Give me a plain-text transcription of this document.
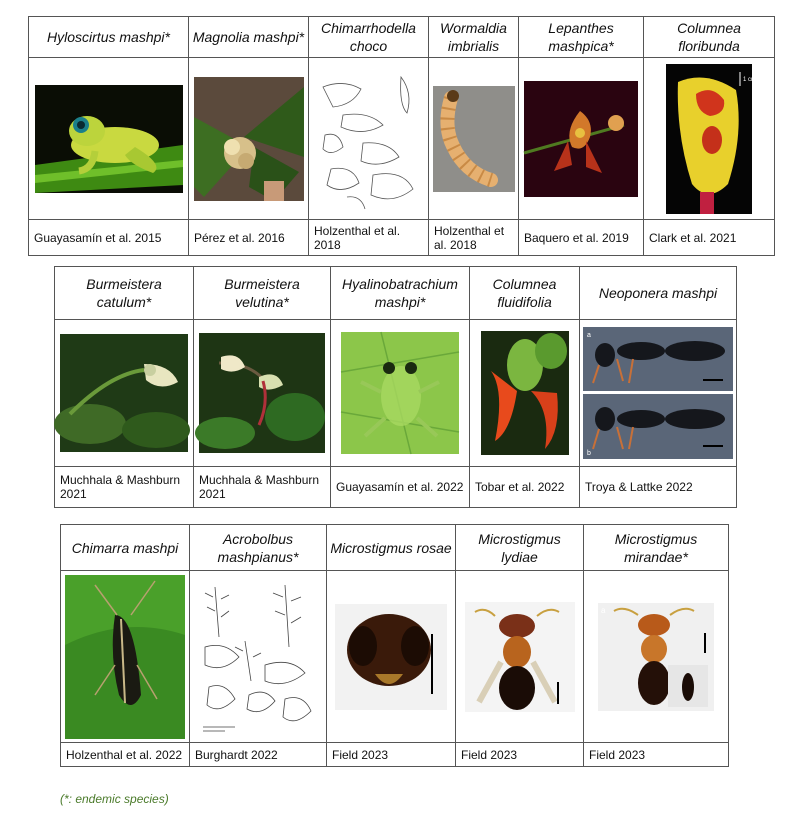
Hyloscirtus mashpi*	Magnolia mashpi*	Chimarrhodella choco	Wormaldia imbrialis	Lepanthes mashpica*	Columnea floribunda

1 cm

Guayasamín et al. 2015	Pérez et al. 2016	Holzenthal et al. 2018	Holzenthal et al. 2018	Baquero et al. 2019	Clark et al. 2021
Burmeistera catulum*	Burmeistera velutina*	Hyalinobatrachium mashpi*	Columnea fluidifolia	Neoponera mashpi

a
b

Muchhala & Mashburn 2021	Muchhala & Mashburn 2021	Guayasamín et al. 2022	Tobar et al. 2022	Troya & Lattke 2022
Chimarra mashpi	Acrobolbus mashpianus*	Microstigmus rosae	Microstigmus lydiae	Microstigmus mirandae*

a

Holzenthal et al. 2022	Burghardt 2022	Field 2023	Field 2023	Field 2023
(*: endemic species)
